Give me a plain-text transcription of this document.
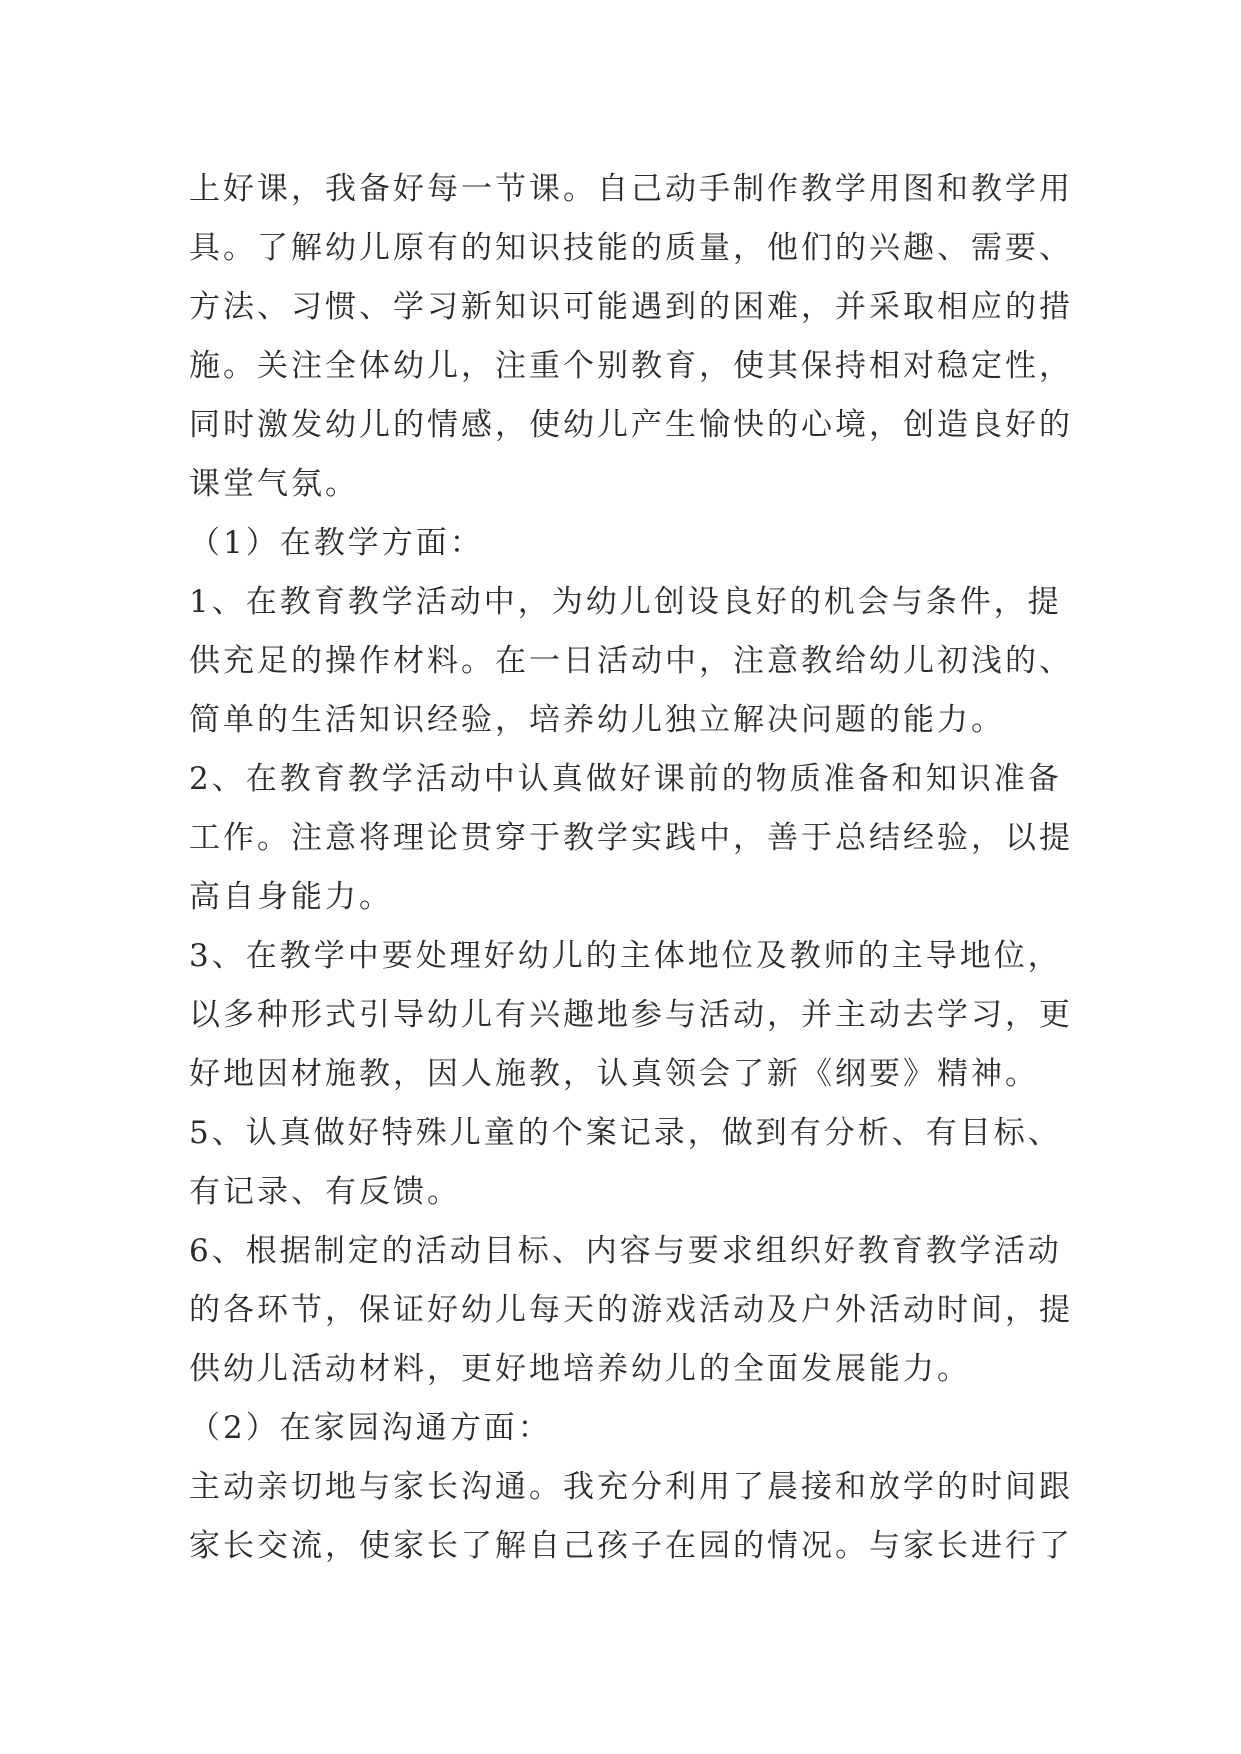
上好课，我备好每一节课。自己动手制作教学用图和教学用
具。了解幼儿原有的知识技能的质量，他们的兴趣、需要、
方法、习惯、学习新知识可能遇到的困难，并采取相应的措
施。关注全体幼儿，注重个别教育，使其保持相对稳定性，
同时激发幼儿的情感，使幼儿产生愉快的心境，创造良好的
课堂气氛。
（1）在教学方面：
1、在教育教学活动中，为幼儿创设良好的机会与条件，提
供充足的操作材料。在一日活动中，注意教给幼儿初浅的、
简单的生活知识经验，培养幼儿独立解决问题的能力。
2、在教育教学活动中认真做好课前的物质准备和知识准备
工作。注意将理论贯穿于教学实践中，善于总结经验，以提
高自身能力。
3、在教学中要处理好幼儿的主体地位及教师的主导地位，
以多种形式引导幼儿有兴趣地参与活动，并主动去学习，更
好地因材施教，因人施教，认真领会了新《纲要》精神。
5、认真做好特殊儿童的个案记录，做到有分析、有目标、
有记录、有反馈。
6、根据制定的活动目标、内容与要求组织好教育教学活动
的各环节，保证好幼儿每天的游戏活动及户外活动时间，提
供幼儿活动材料，更好地培养幼儿的全面发展能力。
（2）在家园沟通方面：
主动亲切地与家长沟通。我充分利用了晨接和放学的时间跟
家长交流，使家长了解自己孩子在园的情况。与家长进行了
